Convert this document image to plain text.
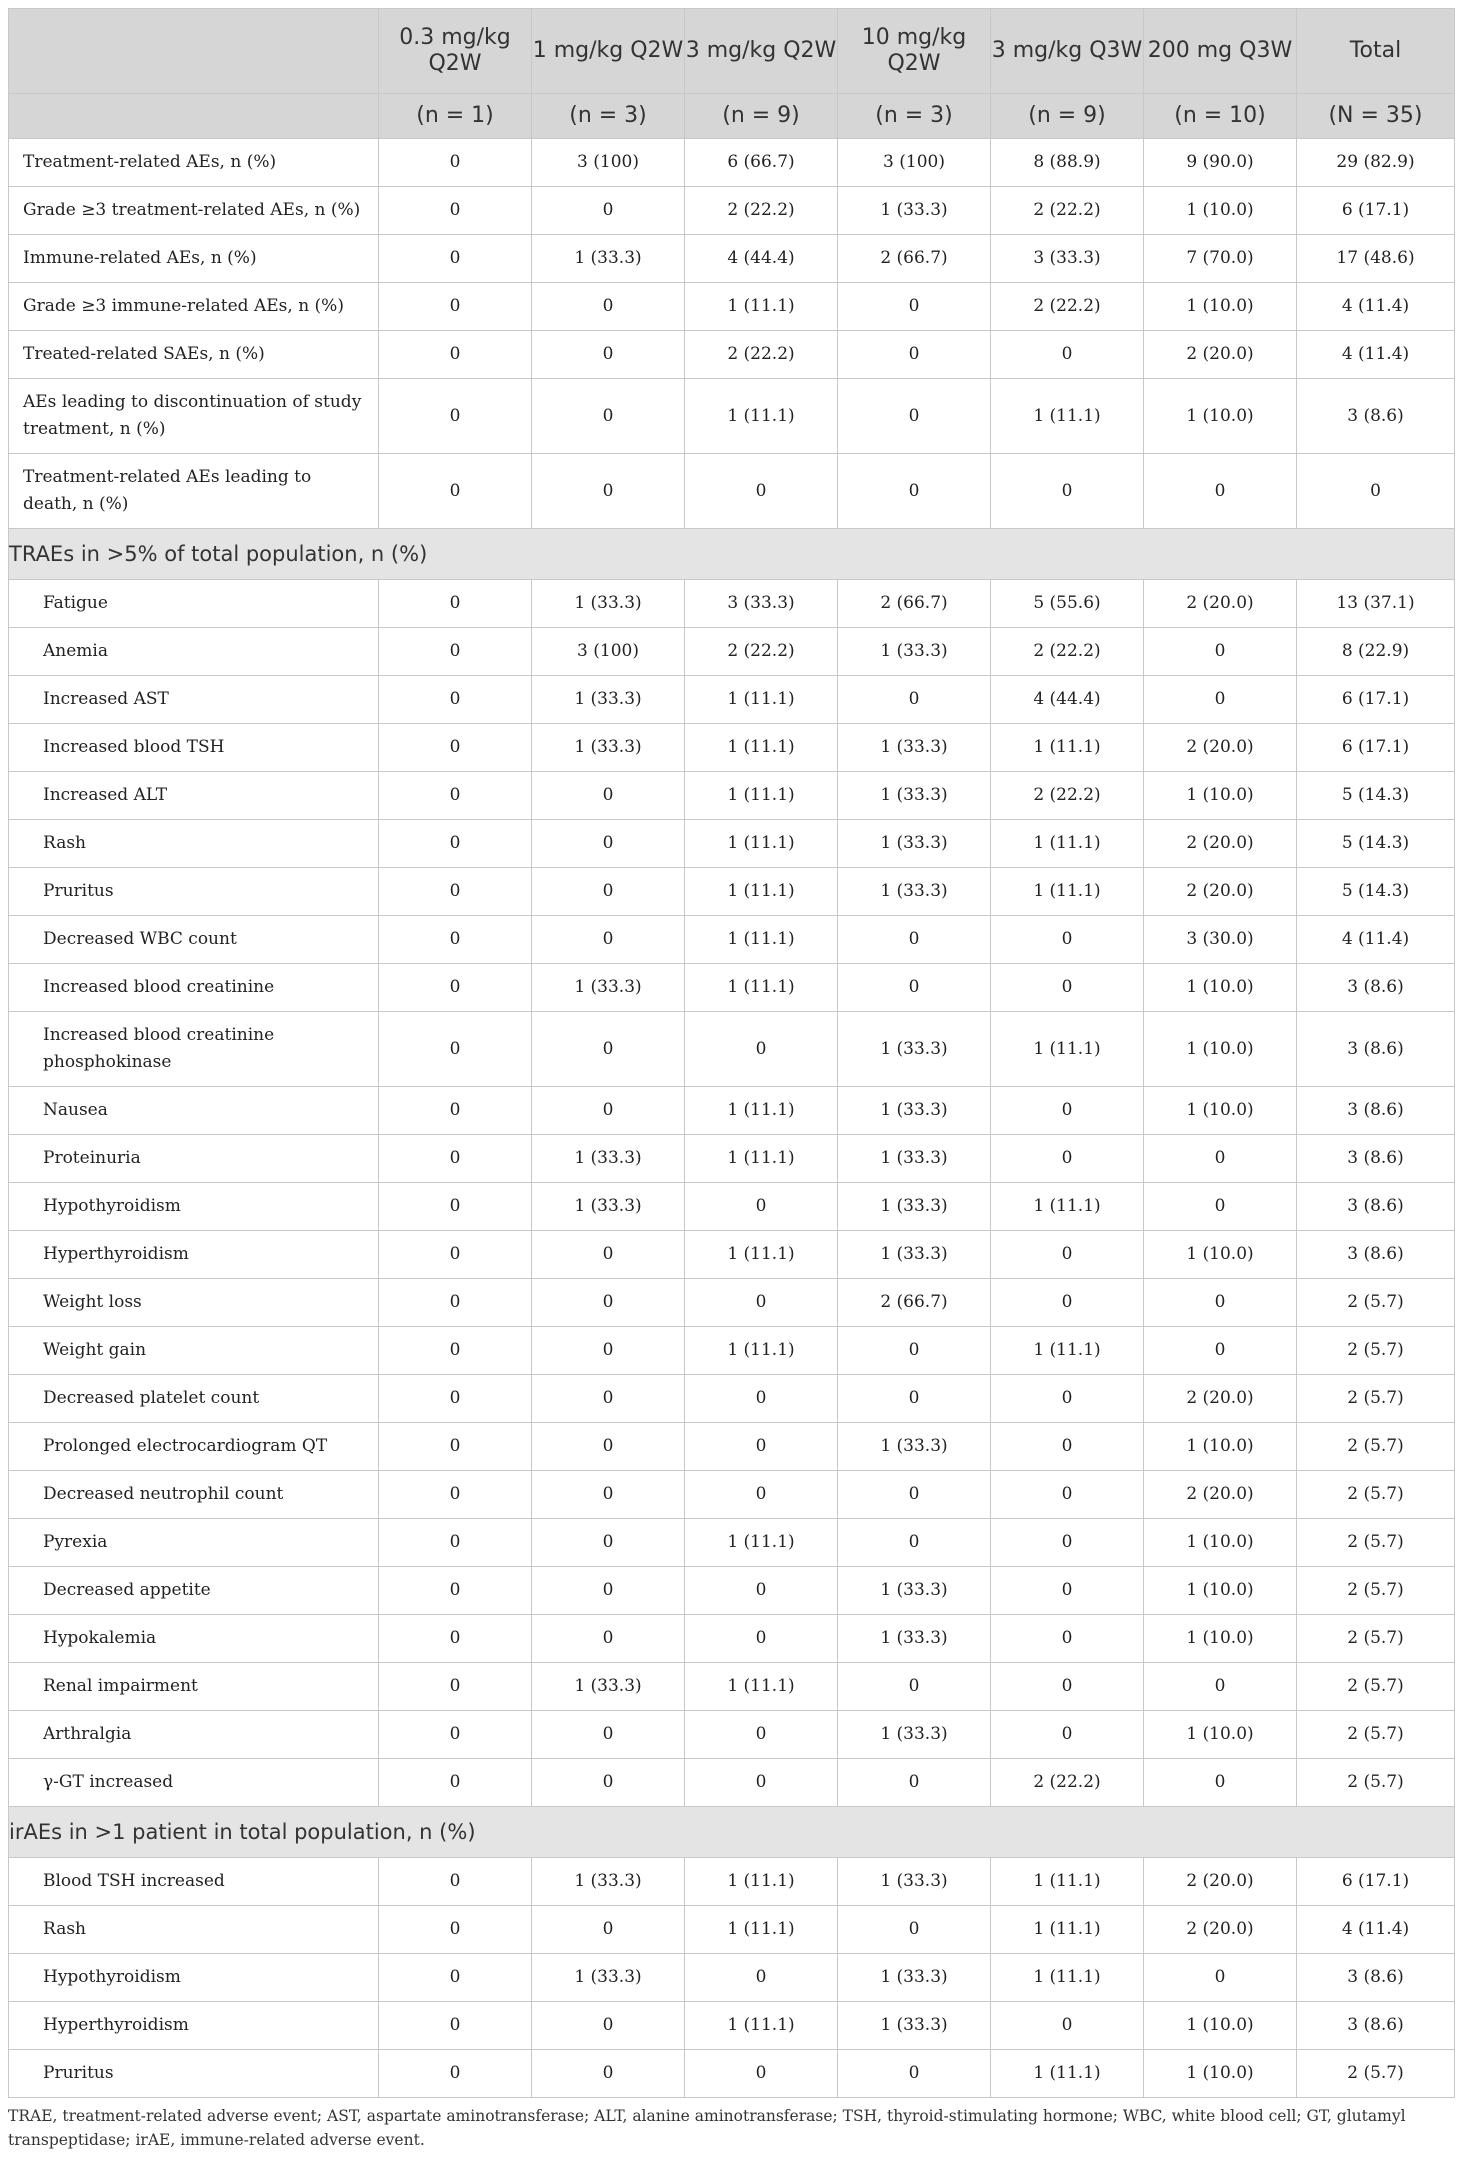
	0.3 mg/kg Q2W	1 mg/kg Q2W	3 mg/kg Q2W	10 mg/kg Q2W	3 mg/kg Q3W	200 mg Q3W	Total
	(n = 1)	(n = 3)	(n = 9)	(n = 3)	(n = 9)	(n = 10)	(N = 35)
Treatment-related AEs, n (%)	0	3 (100)	6 (66.7)	3 (100)	8 (88.9)	9 (90.0)	29 (82.9)
Grade ≥3 treatment-related AEs, n (%)	0	0	2 (22.2)	1 (33.3)	2 (22.2)	1 (10.0)	6 (17.1)
Immune-related AEs, n (%)	0	1 (33.3)	4 (44.4)	2 (66.7)	3 (33.3)	7 (70.0)	17 (48.6)
Grade ≥3 immune-related AEs, n (%)	0	0	1 (11.1)	0	2 (22.2)	1 (10.0)	4 (11.4)
Treated-related SAEs, n (%)	0	0	2 (22.2)	0	0	2 (20.0)	4 (11.4)
AEs leading to discontinuation of study treatment, n (%)	0	0	1 (11.1)	0	1 (11.1)	1 (10.0)	3 (8.6)
Treatment-related AEs leading to death, n (%)	0	0	0	0	0	0	0
TRAEs in >5% of total population, n (%)							
Fatigue	0	1 (33.3)	3 (33.3)	2 (66.7)	5 (55.6)	2 (20.0)	13 (37.1)
Anemia	0	3 (100)	2 (22.2)	1 (33.3)	2 (22.2)	0	8 (22.9)
Increased AST	0	1 (33.3)	1 (11.1)	0	4 (44.4)	0	6 (17.1)
Increased blood TSH	0	1 (33.3)	1 (11.1)	1 (33.3)	1 (11.1)	2 (20.0)	6 (17.1)
Increased ALT	0	0	1 (11.1)	1 (33.3)	2 (22.2)	1 (10.0)	5 (14.3)
Rash	0	0	1 (11.1)	1 (33.3)	1 (11.1)	2 (20.0)	5 (14.3)
Pruritus	0	0	1 (11.1)	1 (33.3)	1 (11.1)	2 (20.0)	5 (14.3)
Decreased WBC count	0	0	1 (11.1)	0	0	3 (30.0)	4 (11.4)
Increased blood creatinine	0	1 (33.3)	1 (11.1)	0	0	1 (10.0)	3 (8.6)
Increased blood creatinine phosphokinase	0	0	0	1 (33.3)	1 (11.1)	1 (10.0)	3 (8.6)
Nausea	0	0	1 (11.1)	1 (33.3)	0	1 (10.0)	3 (8.6)
Proteinuria	0	1 (33.3)	1 (11.1)	1 (33.3)	0	0	3 (8.6)
Hypothyroidism	0	1 (33.3)	0	1 (33.3)	1 (11.1)	0	3 (8.6)
Hyperthyroidism	0	0	1 (11.1)	1 (33.3)	0	1 (10.0)	3 (8.6)
Weight loss	0	0	0	2 (66.7)	0	0	2 (5.7)
Weight gain	0	0	1 (11.1)	0	1 (11.1)	0	2 (5.7)
Decreased platelet count	0	0	0	0	0	2 (20.0)	2 (5.7)
Prolonged electrocardiogram QT	0	0	0	1 (33.3)	0	1 (10.0)	2 (5.7)
Decreased neutrophil count	0	0	0	0	0	2 (20.0)	2 (5.7)
Pyrexia	0	0	1 (11.1)	0	0	1 (10.0)	2 (5.7)
Decreased appetite	0	0	0	1 (33.3)	0	1 (10.0)	2 (5.7)
Hypokalemia	0	0	0	1 (33.3)	0	1 (10.0)	2 (5.7)
Renal impairment	0	1 (33.3)	1 (11.1)	0	0	0	2 (5.7)
Arthralgia	0	0	0	1 (33.3)	0	1 (10.0)	2 (5.7)
γ-GT increased	0	0	0	0	2 (22.2)	0	2 (5.7)
irAEs in >1 patient in total population, n (%)							
Blood TSH increased	0	1 (33.3)	1 (11.1)	1 (33.3)	1 (11.1)	2 (20.0)	6 (17.1)
Rash	0	0	1 (11.1)	0	1 (11.1)	2 (20.0)	4 (11.4)
Hypothyroidism	0	1 (33.3)	0	1 (33.3)	1 (11.1)	0	3 (8.6)
Hyperthyroidism	0	0	1 (11.1)	1 (33.3)	0	1 (10.0)	3 (8.6)
Pruritus	0	0	0	0	1 (11.1)	1 (10.0)	2 (5.7)
TRAE, treatment-related adverse event; AST, aspartate aminotransferase; ALT, alanine aminotransferase; TSH, thyroid-stimulating hormone; WBC, white blood cell; GT, glutamyl transpeptidase; irAE, immune-related adverse event.
